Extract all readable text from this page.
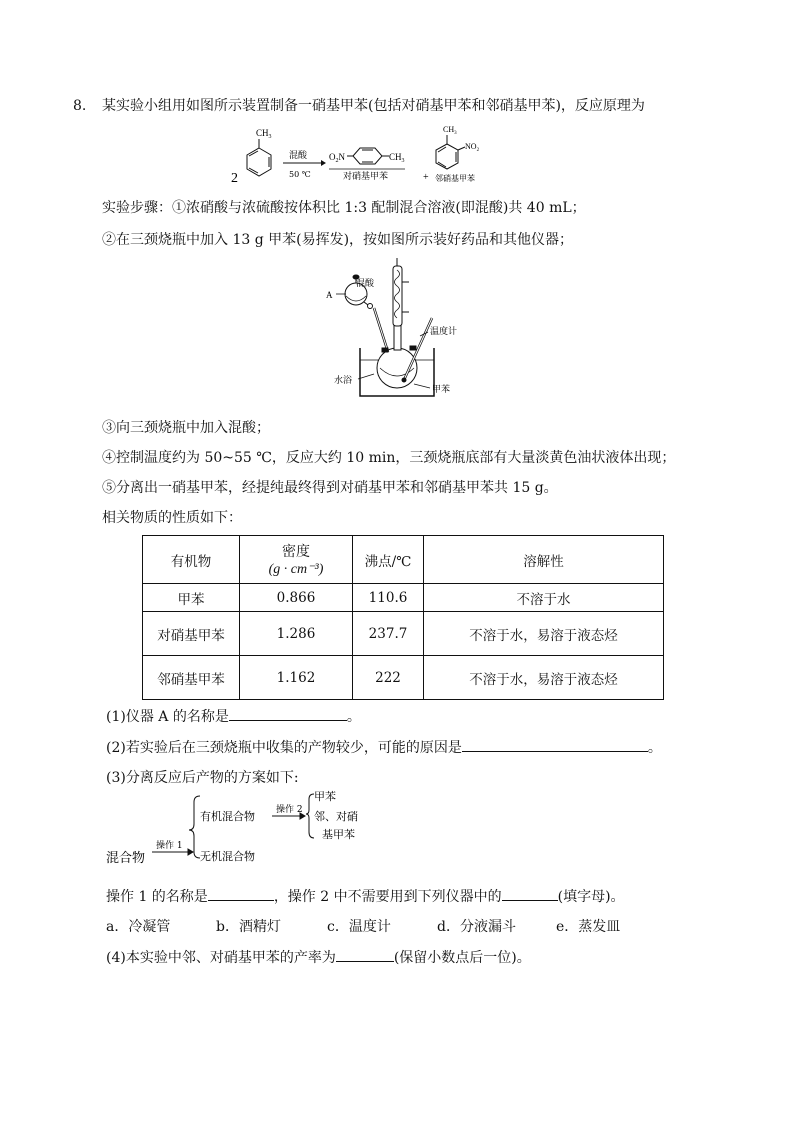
8. 某实验小组用如图所示装置制备一硝基甲苯(包括对硝基甲苯和邻硝基甲苯)，反应原理为
2
$CH_3$
混酸
50 ℃
$O_2N$	$CH_3$
对硝基甲苯	+
$CH_3$
$NO_2$
邻硝基甲苯
实验步骤：①浓硝酸与浓硫酸按体积比 1:3 配制混合溶液(即混酸)共 40 mL；
②在三颈烧瓶中加入 13 g 甲苯(易挥发)，按如图所示装好药品和其他仪器；
A
混酸
温度计
水浴
甲苯
③向三颈烧瓶中加入混酸；
④控制温度约为 50~55 ℃，反应大约 10 min，三颈烧瓶底部有大量淡黄色油状液体出现；
⑤分离出一硝基甲苯，经提纯最终得到对硝基甲苯和邻硝基甲苯共 15 g。
相关物质的性质如下：
有机物	密度
(g · cm⁻³)	沸点/℃	溶解性
甲苯	0.866	110.6	不溶于水
对硝基甲苯	1.286	237.7	不溶于水，易溶于液态烃
邻硝基甲苯	1.162	222	不溶于水，易溶于液态烃
(1)仪器 A 的名称是	。
(2)若实验后在三颈烧瓶中收集的产物较少，可能的原因是	。
(3)分离反应后产物的方案如下:
混合物
操作 1
有机混合物 操作 2
甲苯
邻、对硝
基甲苯
无机混合物
操作 1 的名称是	，操作 2 中不需要用到下列仪器中的	(填字母)。
a．冷凝管	b．酒精灯	c．温度计	d．分液漏斗	e．蒸发皿
(4)本实验中邻、对硝基甲苯的产率为	(保留小数点后一位)。
